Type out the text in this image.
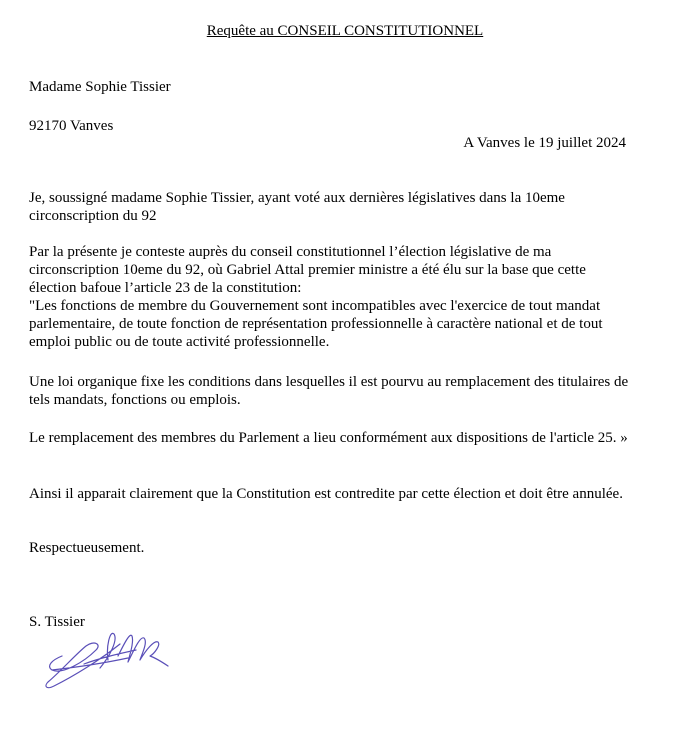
Requête au CONSEIL CONSTITUTIONNEL
Madame Sophie Tissier
92170 Vanves
A Vanves le 19 juillet 2024
Je, soussigné madame Sophie Tissier, ayant voté aux dernières législatives dans la 10eme circonscription du 92
Par la présente je conteste auprès du conseil constitutionnel l’élection législative de ma
circonscription 10eme du 92, où Gabriel Attal premier ministre a été élu sur la base que cette
élection bafoue l’article 23 de la constitution:
"Les fonctions de membre du Gouvernement sont incompatibles avec l'exercice de tout mandat
parlementaire, de toute fonction de représentation professionnelle à caractère national et de tout
emploi public ou de toute activité professionnelle.
Une loi organique fixe les conditions dans lesquelles il est pourvu au remplacement des titulaires de
tels mandats, fonctions ou emplois.
Le remplacement des membres du Parlement a lieu conformément aux dispositions de l'article 25. »
Ainsi il apparait clairement que la Constitution est contredite par cette élection et doit être annulée.
Respectueusement.
S. Tissier
